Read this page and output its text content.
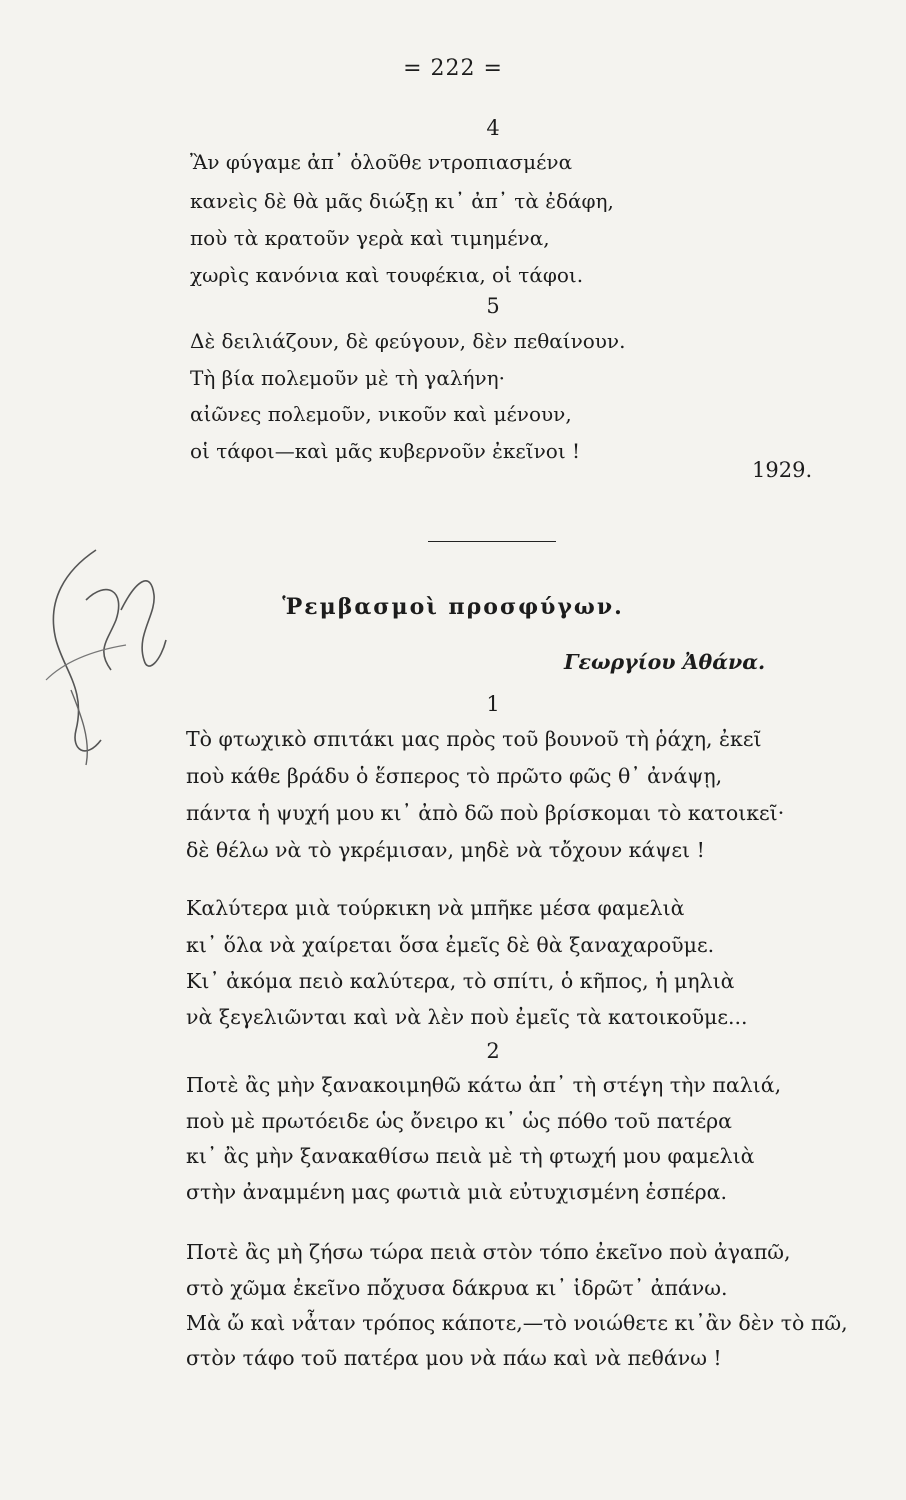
= 222 =
4
Ἂν φύγαμε ἀπ᾿ ὁλοῦθε ντροπιασμένα
κανεὶς δὲ θὰ μᾶς διώξῃ κι᾿ ἀπ᾿ τὰ ἐδάφη,
ποὺ τὰ κρατοῦν γερὰ καὶ τιμημένα,
χωρὶς κανόνια καὶ τουφέκια, οἱ τάφοι.
5
Δὲ δειλιάζουν, δὲ φεύγουν, δὲν πεθαίνουν.
Τὴ βία πολεμοῦν μὲ τὴ γαλήνη·
αἰῶνες πολεμοῦν, νικοῦν καὶ μένουν,
οἱ τάφοι—καὶ μᾶς κυβερνοῦν ἐκεῖνοι !
1929.
Ῥεμβασμοὶ προσφύγων.
Γεωργίου Ἀθάνα.
1
Τὸ φτωχικὸ σπιτάκι μας πρὸς τοῦ βουνοῦ τὴ ῥάχη, ἐκεῖ
ποὺ κάθε βράδυ ὁ ἕσπερος τὸ πρῶτο φῶς θ᾿ ἀνάψῃ,
πάντα ἡ ψυχή μου κι᾿ ἀπὸ δῶ ποὺ βρίσκομαι τὸ κατοικεῖ·
δὲ θέλω νὰ τὸ γκρέμισαν, μηδὲ νὰ τὄχουν κάψει !
Καλύτερα μιὰ τούρκικη νὰ μπῆκε μέσα φαμελιὰ
κι᾿ ὅλα νὰ χαίρεται ὅσα ἐμεῖς δὲ θὰ ξαναχαροῦμε.
Κι᾿ ἀκόμα πειὸ καλύτερα, τὸ σπίτι, ὁ κῆπος, ἡ μηλιὰ
νὰ ξεγελιῶνται καὶ νὰ λὲν ποὺ ἐμεῖς τὰ κατοικοῦμε...
2
Ποτὲ ἂς μὴν ξανακοιμηθῶ κάτω ἀπ᾿ τὴ στέγη τὴν παλιά,
ποὺ μὲ πρωτόειδε ὡς ὄνειρο κι᾿ ὡς πόθο τοῦ πατέρα
κι᾿ ἂς μὴν ξανακαθίσω πειὰ μὲ τὴ φτωχή μου φαμελιὰ
στὴν ἀναμμένη μας φωτιὰ μιὰ εὐτυχισμένη ἑσπέρα.
Ποτὲ ἂς μὴ ζήσω τώρα πειὰ στὸν τόπο ἐκεῖνο ποὺ ἀγαπῶ,
στὸ χῶμα ἐκεῖνο πὄχυσα δάκρυα κι᾿ ἱδρῶτ᾿ ἀπάνω.
Μὰ ὤ καὶ νἆταν τρόπος κάποτε,—τὸ νοιώθετε κι᾿ἂν δὲν τὸ πῶ,
στὸν τάφο τοῦ πατέρα μου νὰ πάω καὶ νὰ πεθάνω !
